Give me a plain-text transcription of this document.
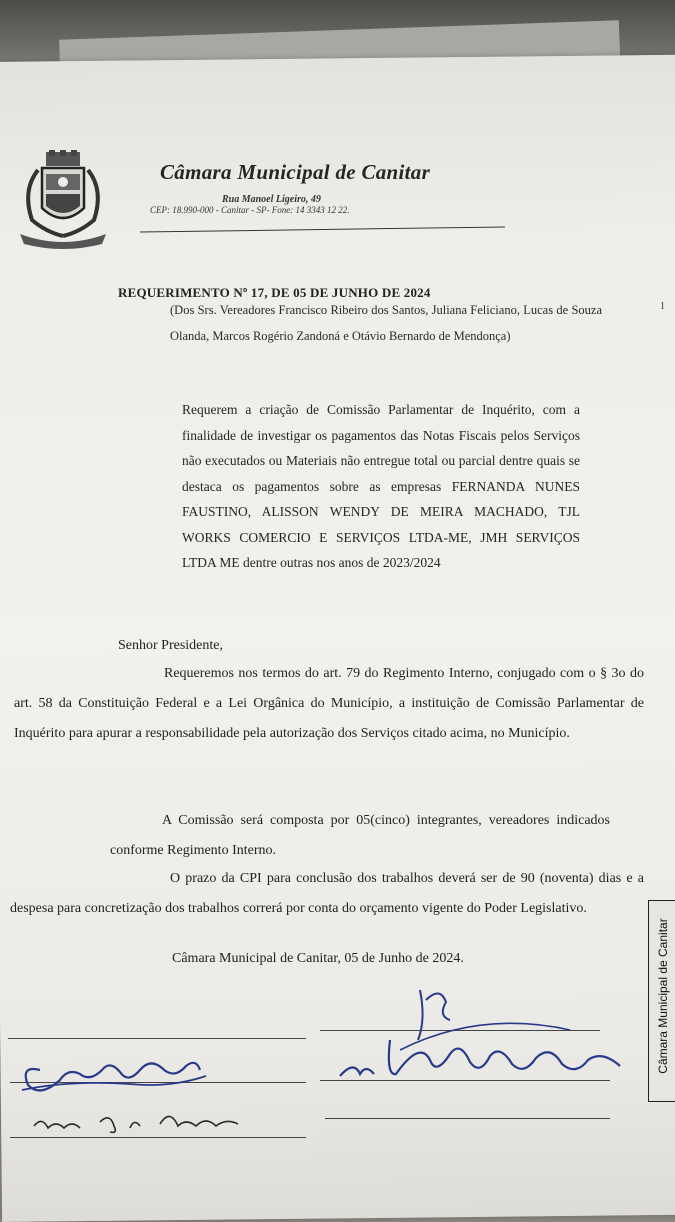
Câmara Municipal de Canitar
Rua Manoel Ligeiro, 49
CEP: 18.990-000 - Canitar - SP- Fone: 14 3343 12 22.
1
REQUERIMENTO Nº 17, DE 05 DE JUNHO DE 2024
(Dos Srs. Vereadores Francisco Ribeiro dos Santos, Juliana Feliciano, Lucas de Souza Olanda, Marcos Rogério Zandoná e Otávio Bernardo de Mendonça)
Requerem a criação de Comissão Parlamentar de Inquérito, com a finalidade de investigar os pagamentos das Notas Fiscais pelos Serviços não executados ou Materiais não entregue total ou parcial dentre quais se destaca os pagamentos sobre as empresas FERNANDA NUNES FAUSTINO, ALISSON WENDY DE MEIRA MACHADO, TJL WORKS COMERCIO E SERVIÇOS LTDA-ME, JMH SERVIÇOS LTDA ME dentre outras nos anos de 2023/2024
Senhor Presidente,
Requeremos nos termos do art. 79 do Regimento Interno, conjugado com o § 3o do art. 58 da Constituição Federal e a Lei Orgânica do Município, a instituição de Comissão Parlamentar de Inquérito para apurar a responsabilidade pela autorização dos Serviços citado acima, no Município.
A Comissão será composta por 05(cinco) integrantes, vereadores indicados conforme Regimento Interno.
O prazo da CPI para conclusão dos trabalhos deverá ser de 90 (noventa) dias e a despesa para concretização dos trabalhos correrá por conta do orçamento vigente do Poder Legislativo.
Câmara Municipal de Canitar, 05 de Junho de 2024.	Câmara Municipal de Canitar
